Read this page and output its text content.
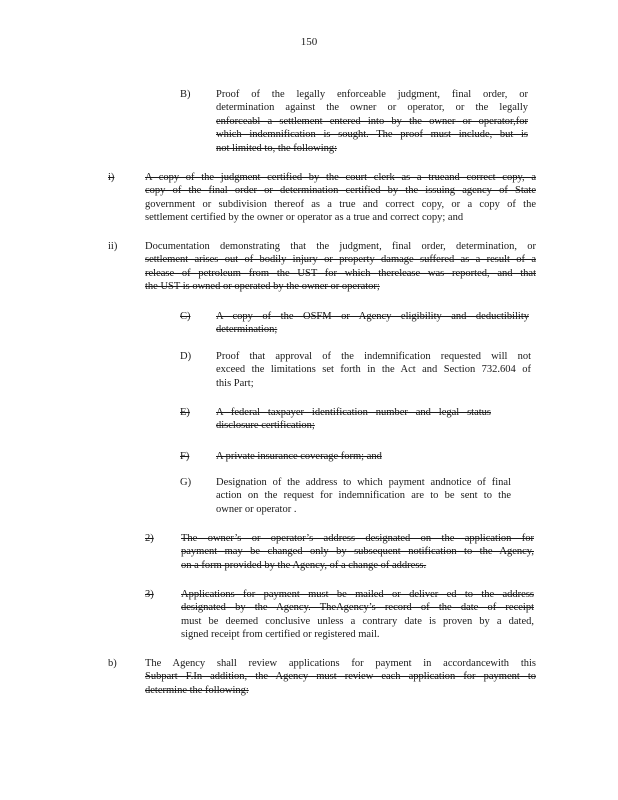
150
B) Proof of the legally enforceable judgment, final order, or
determination against the owner or operator, or the legally
enforceabl a settlement entered into by the owner or operator,for
which indemnification is sought. The proof must include, but is
not limited to, the following:
i)	A copy of the judgment certified by the court clerk as a trueand correct copy, a
copy of the final order or determination certified by the issuing agency of State
government or subdivision thereof as a true and correct copy, or a copy of the
settlement certified by the owner or operator as a true and correct copy; and
ii)	Documentation demonstrating that the judgment, final order, determination, or
settlement arises out of bodily injury or property damage suffered as a result of a
release of petroleum from the UST for which therelease was reported, and that
the UST is owned or operated by the owner or operator;
C) A copy of the OSFM or Agency eligibility and deductibility
determination;
D) Proof that approval of the indemnification requested will not
exceed the limitations set forth in the Act and Section 732.604 of
this Part;
E) A federal taxpayer identification number and legal status
disclosure certification;
F)	A private insurance coverage form; and
G) Designation of the address to which payment andnotice of final
action on the request for indemnification are to be sent to the
owner or operator .
2)	The owner’s or operator’s address designated on the application for
payment may be changed only by subsequent notification to the Agency,
on a form provided by the Agency, of a change of address.
3)	Applications for payment must be mailed or deliver ed to the address
designated by the Agency. TheAgency’s record of the date of receipt
must be deemed conclusive unless a contrary date is proven by a dated,
signed receipt from certified or registered mail.
b)	The Agency shall review applications for payment in accordancewith this
Subpart F.In addition, the Agency must review each application for payment to
determine the following:
